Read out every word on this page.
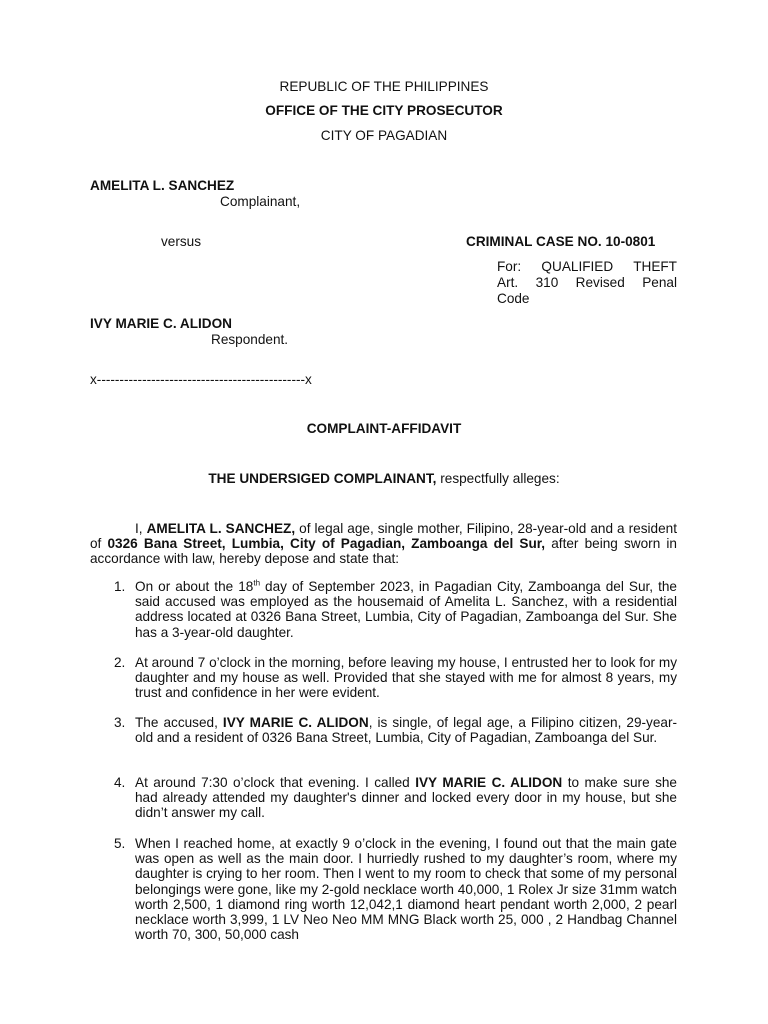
REPUBLIC OF THE PHILIPPINES
OFFICE OF THE CITY PROSECUTOR
CITY OF PAGADIAN
AMELITA L. SANCHEZ
Complainant,
versus	CRIMINAL CASE NO. 10-0801
For:  QUALIFIED  THEFT
Art.  310  Revised  Penal
Code
IVY MARIE C. ALIDON
Respondent.
x----------------------------------------------x
COMPLAINT-AFFIDAVIT
THE UNDERSIGED COMPLAINANT, respectfully alleges:
I, AMELITA L. SANCHEZ, of legal age, single mother, Filipino, 28-year-old and a resident of 0326 Bana Street, Lumbia, City of Pagadian, Zamboanga del Sur, after being sworn in accordance with law, hereby depose and state that:
1. On or about the 18th day of September 2023, in Pagadian City, Zamboanga del Sur, the said accused was employed as the housemaid of Amelita L. Sanchez, with a residential address located at 0326 Bana Street, Lumbia, City of Pagadian, Zamboanga del Sur. She has a 3-year-old daughter.
2. At around 7 o’clock in the morning, before leaving my house, I entrusted her to look for my daughter and my house as well. Provided that she stayed with me for almost 8 years, my trust and confidence in her were evident.
3. The accused, IVY MARIE C. ALIDON, is single, of legal age, a Filipino citizen, 29-year-old and a resident of 0326 Bana Street, Lumbia, City of Pagadian, Zamboanga del Sur.
4. At around 7:30 o’clock that evening. I called IVY MARIE C. ALIDON to make sure she had already attended my daughter's dinner and locked every door in my house, but she didn’t answer my call.
5. When I reached home, at exactly 9 o’clock in the evening, I found out that the main gate was open as well as the main door. I hurriedly rushed to my daughter’s room, where my daughter is crying to her room. Then I went to my room to check that some of my personal belongings were gone, like my 2-gold necklace worth 40,000, 1 Rolex Jr size 31mm watch worth 2,500, 1 diamond ring worth 12,042,1 diamond heart pendant worth 2,000, 2 pearl necklace worth 3,999, 1 LV Neo Neo MM MNG Black worth 25, 000 , 2 Handbag Channel worth 70, 300, 50,000 cash
